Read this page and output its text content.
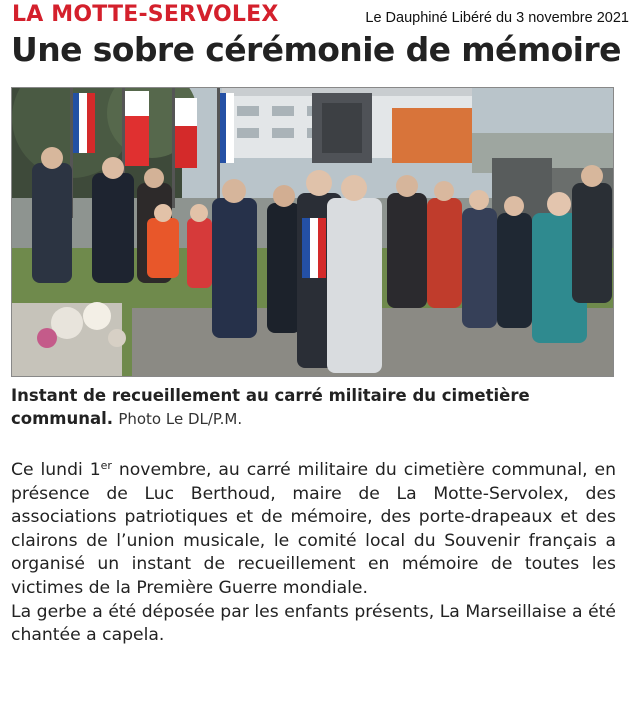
LA MOTTE-SERVOLEX	Le Dauphiné Libéré du 3 novembre 2021
Une sobre cérémonie de mémoire
Instant de recueillement au carré militaire du cimetière communal. Photo Le DL/P.M.

Ce lundi 1er novembre, au carré militaire du cimetière communal, en présence de Luc Berthoud, maire de La Motte-Servolex, des associations patriotiques et de mémoire, des porte-drapeaux et des clairons de l’union musicale, le comité local du Souvenir français a organisé un instant de recueillement en mémoire de toutes les victimes de la Première Guerre mondiale.

La gerbe a été déposée par les enfants présents, La Marseillaise a été chantée a capela.
